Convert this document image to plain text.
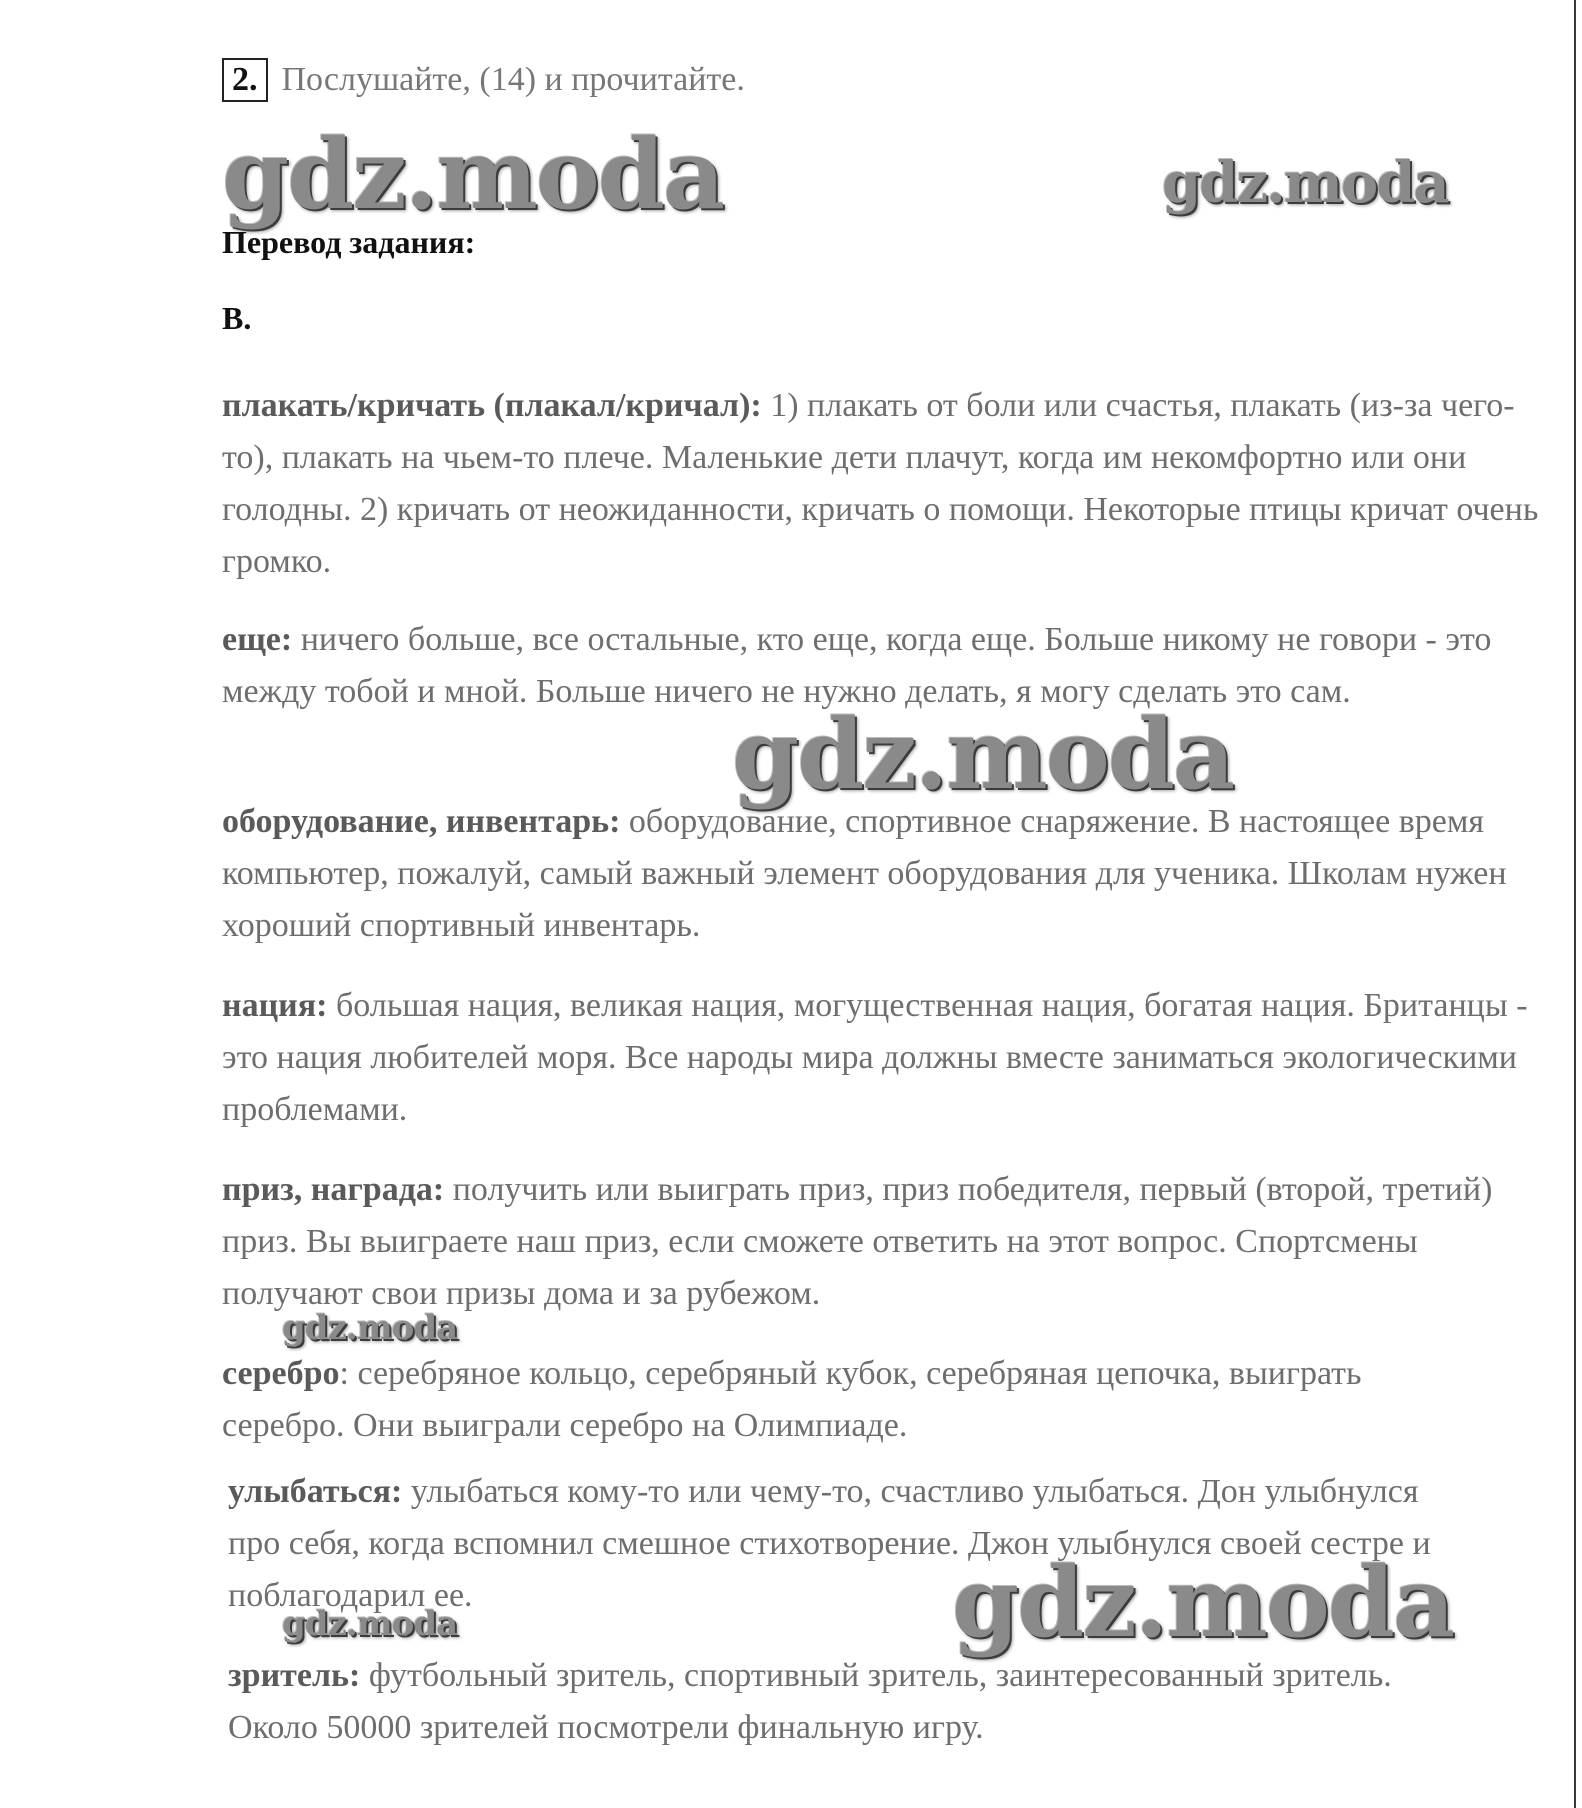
2. Послушайте, (14) и прочитайте.
Перевод задания:
B.
плакать/кричать (плакал/кричал): 1) плакать от боли или счастья, плакать (из-за чего-то), плакать на чьем-то плече. Маленькие дети плачут, когда им некомфортно или они голодны. 2) кричать от неожиданности, кричать о помощи. Некоторые птицы кричат очень громко.
еще: ничего больше, все остальные, кто еще, когда еще. Больше никому не говори - это между тобой и мной. Больше ничего не нужно делать, я могу сделать это сам.
оборудование, инвентарь: оборудование, спортивное снаряжение. В настоящее время компьютер, пожалуй, самый важный элемент оборудования для ученика. Школам нужен хороший спортивный инвентарь.
нация: большая нация, великая нация, могущественная нация, богатая нация. Британцы - это нация любителей моря. Все народы мира должны вместе заниматься экологическими проблемами.
приз, награда: получить или выиграть приз, приз победителя, первый (второй, третий) приз. Вы выиграете наш приз, если сможете ответить на этот вопрос. Спортсмены получают свои призы дома и за рубежом.
серебро: серебряное кольцо, серебряный кубок, серебряная цепочка, выиграть серебро. Они выиграли серебро на Олимпиаде.
улыбаться: улыбаться кому-то или чему-то, счастливо улыбаться. Дон улыбнулся про себя, когда вспомнил смешное стихотворение. Джон улыбнулся своей сестре и поблагодарил ее.
зритель: футбольный зритель, спортивный зритель, заинтересованный зритель. Около 50000 зрителей посмотрели финальную игру.
gdz.moda	gdz.moda
gdz.moda
gdz.moda
gdz.moda
gdz.moda
